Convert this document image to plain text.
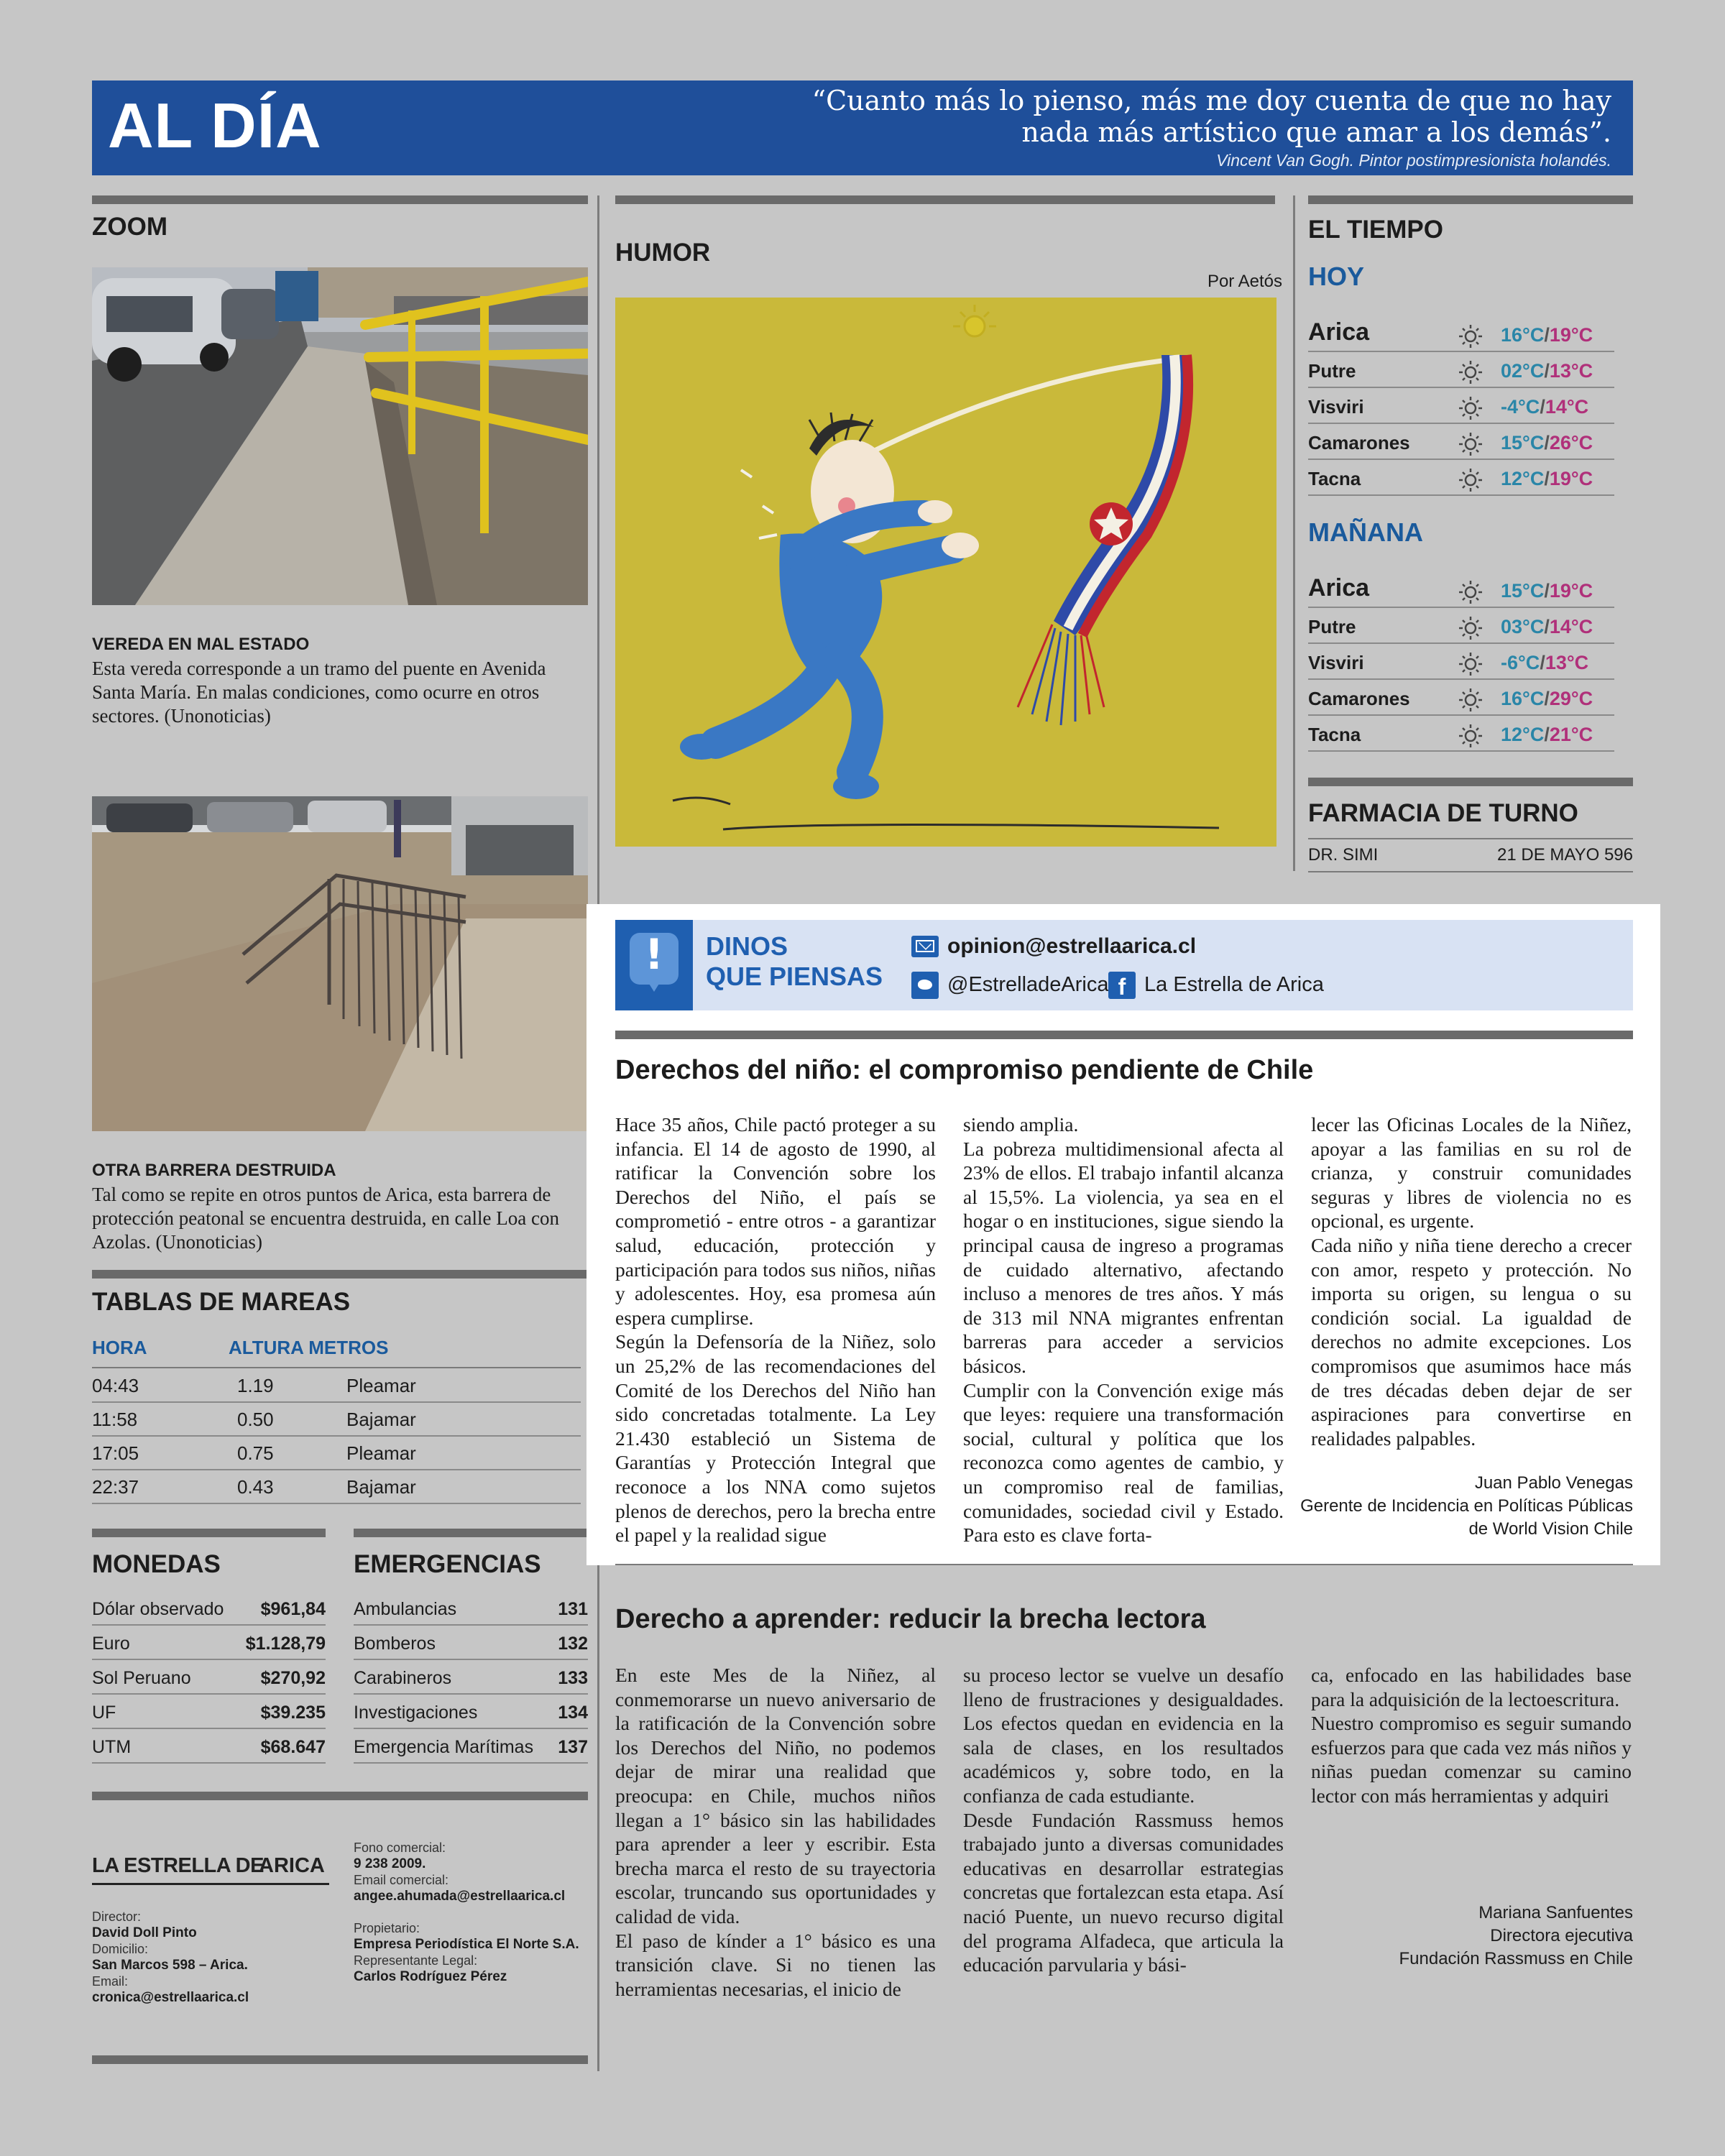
AL DÍA	“Cuanto más lo pienso, más me doy cuenta de que no hay nada más artístico que amar a los demás”.
Vincent Van Gogh. Pintor postimpresionista holandés.
ZOOM
VEREDA EN MAL ESTADO
Esta vereda corresponde a un tramo del puente en Avenida Santa María. En malas condiciones, como ocurre en otros sectores. (Unonoticias)
OTRA BARRERA DESTRUIDA
Tal como se repite en otros puntos de Arica, esta barrera de protección peatonal se encuentra destruida, en calle Loa con Azolas. (Unonoticias)
TABLAS DE MAREAS
HORA	ALTURA METROS
04:43	1.19	Pleamar
11:58	0.50	Bajamar
17:05	0.75	Pleamar
22:37	0.43	Bajamar
MONEDAS	EMERGENCIAS
Dólar observado $961,84
Euro	$1.128,79
Sol Peruano	$270,92
UF	$39.235
UTM	$68.647
Ambulancias	131
Bomberos	132
Carabineros	133
Investigaciones	134
Emergencia Marítimas 137
LA ESTRELLA DE
ARICA
Director:
David Doll Pinto
Domicilio:
San Marcos 598 – Arica.
Email:
cronica@estrellaarica.cl
Fono comercial:
9 238 2009.
Email comercial:
angee.ahumada@estrellaarica.cl
Propietario:
Empresa Periodística El Norte S.A.
Representante Legal:
Carlos Rodríguez Pérez
HUMOR
Por Aetós
EL TIEMPO
HOY
Arica	16°C/19°C
Putre	02°C/13°C
Visviri	-4°C/14°C
Camarones	15°C/26°C
Tacna	12°C/19°C
MAÑANA
Arica	15°C/19°C
Putre	03°C/14°C
Visviri	-6°C/13°C
Camarones	16°C/29°C
Tacna	12°C/21°C
FARMACIA DE TURNO
DR. SIMI	21 DE MAYO 596
!	DINOS
QUE PIENSAS
opinion@estrellaarica.cl
@EstrelladeArica f La Estrella de Arica
Derechos del niño: el compromiso pendiente de Chile

Hace 35 años, Chile pactó proteger a su infancia. El 14 de agosto de 1990, al ratificar la Convención sobre los Derechos del Niño, el país se comprometió - entre otros - a garantizar salud, educación, protección y participación para todos sus niños, niñas y adolescentes. Hoy, esa promesa aún espera cumplirse.

Según la Defensoría de la Niñez, solo un 25,2% de las recomendaciones del Comité de los Derechos del Niño han sido concretadas totalmente. La Ley 21.430 estableció un Sistema de Garantías y Protección Integral que reconoce a los NNA como sujetos plenos de derechos, pero la brecha entre el papel y la realidad sigue

siendo amplia.

La pobreza multidimensional afecta al 23% de ellos. El trabajo infantil alcanza al 15,5%. La violencia, ya sea en el hogar o en instituciones, sigue siendo la principal causa de ingreso a programas de cuidado alternativo, afectando incluso a menores de tres años. Y más de 313 mil NNA migrantes enfrentan barreras para acceder a servicios básicos.

Cumplir con la Convención exige más que leyes: requiere una transformación social, cultural y política que los reconozca como agentes de cambio, y un compromiso real de familias, comunidades, sociedad civil y Estado. Para esto es clave forta-

lecer las Oficinas Locales de la Niñez, apoyar a las familias en su rol de crianza, y construir comunidades seguras y libres de violencia no es opcional, es urgente.

Cada niño y niña tiene derecho a crecer con amor, respeto y protección. No importa su origen, su lengua o su condición social. La igualdad de derechos no admite excepciones. Los compromisos que asumimos hace más de tres décadas deben dejar de ser aspiraciones para convertirse en realidades palpables.

Juan Pablo Venegas
Gerente de Incidencia en Políticas Públicas
de World Vision Chile
Derecho a aprender: reducir la brecha lectora

En este Mes de la Niñez, al conmemorarse un nuevo aniversario de la ratificación de la Convención sobre los Derechos del Niño, no podemos dejar de mirar una realidad que preocupa: en Chile, muchos niños llegan a 1° básico sin las habilidades para aprender a leer y escribir. Esta brecha marca el resto de su trayectoria escolar, truncando sus oportunidades y calidad de vida.

El paso de kínder a 1° básico es una transición clave. Si no tienen las herramientas necesarias, el inicio de

su proceso lector se vuelve un desafío lleno de frustraciones y desigualdades. Los efectos quedan en evidencia en la sala de clases, en los resultados académicos y, sobre todo, en la confianza de cada estudiante.

Desde Fundación Rassmuss hemos trabajado junto a diversas comunidades educativas en desarrollar estrategias concretas que fortalezcan esta etapa. Así nació Puente, un nuevo recurso digital del programa Alfadeca, que articula la educación parvularia y bási-

ca, enfocado en las habilidades base para la adquisición de la lectoescritura.

Nuestro compromiso es seguir sumando esfuerzos para que cada vez más niños y niñas puedan comenzar su camino lector con más herramientas y adquiri

Mariana Sanfuentes
Directora ejecutiva
Fundación Rassmuss en Chile
